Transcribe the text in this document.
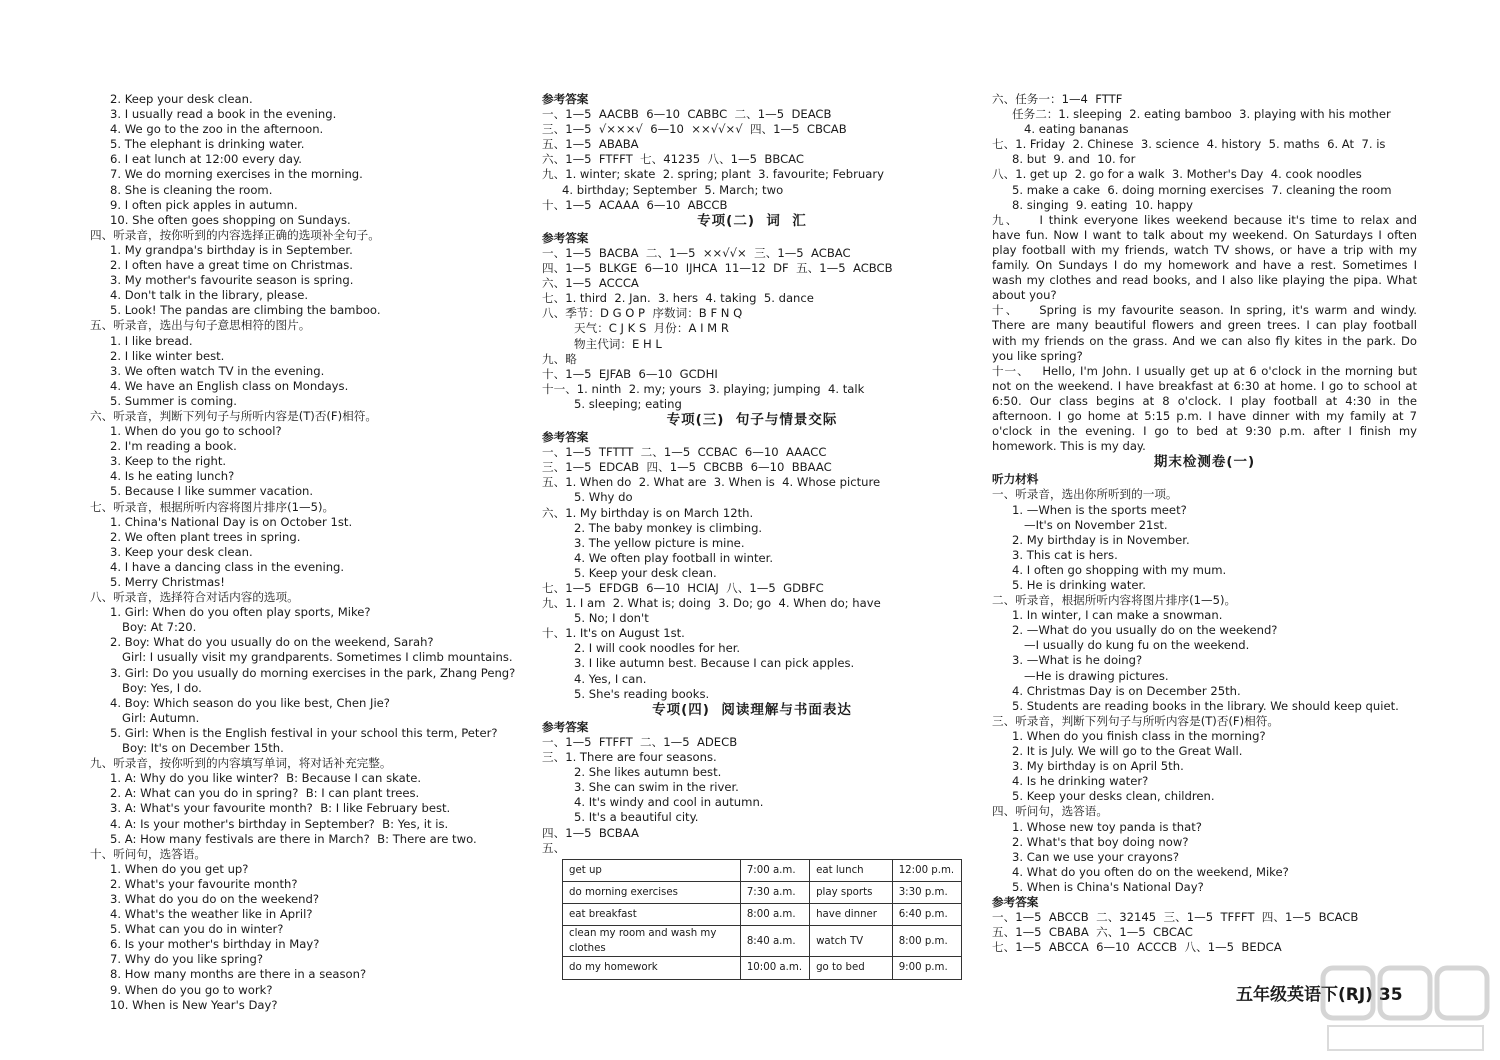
2. Keep your desk clean.
3. I usually read a book in the evening.
4. We go to the zoo in the afternoon.
5. The elephant is drinking water.
6. I eat lunch at 12:00 every day.
7. We do morning exercises in the morning.
8. She is cleaning the room.
9. I often pick apples in autumn.
10. She often goes shopping on Sundays.
四、听录音，按你听到的内容选择正确的选项补全句子。
1. My grandpa's birthday is in September.
2. I often have a great time on Christmas.
3. My mother's favourite season is spring.
4. Don't talk in the library, please.
5. Look! The pandas are climbing the bamboo.
五、听录音，选出与句子意思相符的图片。
1. I like bread.
2. I like winter best.
3. We often watch TV in the evening.
4. We have an English class on Mondays.
5. Summer is coming.
六、听录音，判断下列句子与所听内容是(T)否(F)相符。
1. When do you go to school?
2. I'm reading a book.
3. Keep to the right.
4. Is he eating lunch?
5. Because I like summer vacation.
七、听录音，根据所听内容将图片排序(1—5)。
1. China's National Day is on October 1st.
2. We often plant trees in spring.
3. Keep your desk clean.
4. I have a dancing class in the evening.
5. Merry Christmas!
八、听录音，选择符合对话内容的选项。
1. Girl: When do you often play sports, Mike?
Boy: At 7:20.
2. Boy: What do you usually do on the weekend, Sarah?
Girl: I usually visit my grandparents. Sometimes I climb mountains.
3. Girl: Do you usually do morning exercises in the park, Zhang Peng?
Boy: Yes, I do.
4. Boy: Which season do you like best, Chen Jie?
Girl: Autumn.
5. Girl: When is the English festival in your school this term, Peter?
Boy: It's on December 15th.
九、听录音，按你听到的内容填写单词，将对话补充完整。
1. A: Why do you like winter?  B: Because I can skate.
2. A: What can you do in spring?  B: I can plant trees.
3. A: What's your favourite month?  B: I like February best.
4. A: Is your mother's birthday in September?  B: Yes, it is.
5. A: How many festivals are there in March?  B: There are two.
十、听问句，选答语。
1. When do you get up?
2. What's your favourite month?
3. What do you do on the weekend?
4. What's the weather like in April?
5. What can you do in winter?
6. Is your mother's birthday in May?
7. Why do you like spring?
8. How many months are there in a season?
9. When do you go to work?
10. When is New Year's Day?
参考答案
一、1—5  AACBB  6—10  CABBC  二、1—5  DEACB
三、1—5  √×××√  6—10  ××√√×√  四、1—5  CBCAB
五、1—5  ABABA
六、1—5  FTFFT  七、41235  八、1—5  BBCAC
九、1. winter; skate  2. spring; plant  3. favourite; February
4. birthday; September  5. March; two
十、1—5  ACAAA  6—10  ABCCB
专项(二)  词  汇
参考答案
一、1—5  BACBA  二、1—5  ××√√×  三、1—5  ACBAC
四、1—5  BLKGE  6—10  IJHCA  11—12  DF  五、1—5  ACBCB
六、1—5  ACCCA
七、1. third  2. Jan.  3. hers  4. taking  5. dance
八、季节：D G O P  序数词：B F N Q
天气：C J K S  月份：A I M R
物主代词：E H L
九、略
十、1—5  EJFAB  6—10  GCDHI
十一、1. ninth  2. my; yours  3. playing; jumping  4. talk
5. sleeping; eating
专项(三)  句子与情景交际
参考答案
一、1—5  TFTTT  二、1—5  CCBAC  6—10  AAACC
三、1—5  EDCAB  四、1—5  CBCBB  6—10  BBAAC
五、1. When do  2. What are  3. When is  4. Whose picture
5. Why do
六、1. My birthday is on March 12th.
2. The baby monkey is climbing.
3. The yellow picture is mine.
4. We often play football in winter.
5. Keep your desk clean.
七、1—5  EFDGB  6—10  HCIAJ  八、1—5  GDBFC
九、1. I am  2. What is; doing  3. Do; go  4. When do; have
5. No; I don't
十、1. It's on August 1st.
2. I will cook noodles for her.
3. I like autumn best. Because I can pick apples.
4. Yes, I can.
5. She's reading books.
专项(四)  阅读理解与书面表达
参考答案
一、1—5  FTFFT  二、1—5  ADECB
三、1. There are four seasons.
2. She likes autumn best.
3. She can swim in the river.
4. It's windy and cool in autumn.
5. It's a beautiful city.
四、1—5  BCBAA
五、
get up	7:00 a.m.	eat lunch	12:00 p.m.
do morning exercises	7:30 a.m.	play sports	3:30 p.m.
eat breakfast	8:00 a.m.	have dinner	6:40 p.m.
clean my room and wash my clothes	8:40 a.m.	watch TV	8:00 p.m.
do my homework	10:00 a.m.	go to bed	9:00 p.m.
六、任务一：1—4  FTTF
任务二：1. sleeping  2. eating bamboo  3. playing with his mother
4. eating bananas
七、1. Friday  2. Chinese  3. science  4. history  5. maths  6. At  7. is
8. but  9. and  10. for
八、1. get up  2. go for a walk  3. Mother's Day  4. cook noodles
5. make a cake  6. doing morning exercises  7. cleaning the room
8. singing  9. eating  10. happy
九、 I think everyone likes weekend because it's time to relax and have fun. Now I want to talk about my weekend. On Saturdays I often play football with my friends, watch TV shows, or have a trip with my family. On Sundays I do my homework and have a rest. Sometimes I wash my clothes and read books, and I also like playing the pipa. What about you?
十、 Spring is my favourite season. In spring, it's warm and windy. There are many beautiful flowers and green trees. I can play football with my friends on the grass. And we can also fly kites in the park. Do you like spring?
十一、 Hello, I'm John. I usually get up at 6 o'clock in the morning but not on the weekend. I have breakfast at 6:30 at home. I go to school at 6:50. Our class begins at 8 o'clock. I play football at 4:30 in the afternoon. I go home at 5:15 p.m. I have dinner with my family at 7 o'clock in the evening. I go to bed at 9:30 p.m. after I finish my homework. This is my day.
期末检测卷(一)
听力材料
一、听录音，选出你所听到的一项。
1. —When is the sports meet?
—It's on November 21st.
2. My birthday is in November.
3. This cat is hers.
4. I often go shopping with my mum.
5. He is drinking water.
二、听录音，根据所听内容将图片排序(1—5)。
1. In winter, I can make a snowman.
2. —What do you usually do on the weekend?
—I usually do kung fu on the weekend.
3. —What is he doing?
—He is drawing pictures.
4. Christmas Day is on December 25th.
5. Students are reading books in the library. We should keep quiet.
三、听录音，判断下列句子与所听内容是(T)否(F)相符。
1. When do you finish class in the morning?
2. It is July. We will go to the Great Wall.
3. My birthday is on April 5th.
4. Is he drinking water?
5. Keep your desks clean, children.
四、听问句，选答语。
1. Whose new toy panda is that?
2. What's that boy doing now?
3. Can we use your crayons?
4. What do you often do on the weekend, Mike?
5. When is China's National Day?
参考答案
一、1—5  ABCCB  二、32145  三、1—5  TFFFT  四、1—5  BCACB
五、1—5  CBABA  六、1—5  CBCAC
七、1—5  ABCCA  6—10  ACCCB  八、1—5  BEDCA
五年级英语下(RJ) 35
